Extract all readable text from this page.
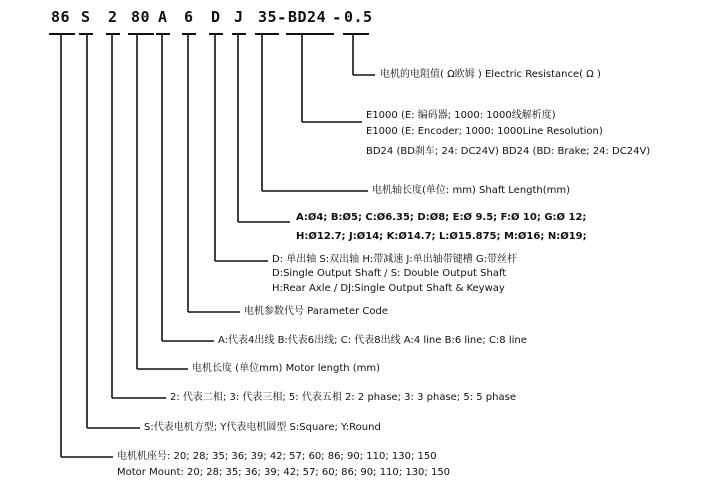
86 S 2 80 A 6 D J 35 - BD24 - 0.5
电机的电阻值( Ω欧姆 ) Electric Resistance( Ω )
E1000 (E: 编码器; 1000: 1000线解析度)
E1000 (E: Encoder; 1000: 1000Line Resolution)
BD24 (BD刹车; 24: DC24V) BD24 (BD: Brake; 24: DC24V)
电机轴长度(单位: mm) Shaft Length(mm)
A:Ø4; B:Ø5; C:Ø6.35; D:Ø8; E:Ø 9.5; F:Ø 10; G:Ø 12;
H:Ø12.7; J:Ø14; K:Ø14.7; L:Ø15.875; M:Ø16; N:Ø19;
D: 单出轴 S:双出轴 H:带减速 J:单出轴带键槽 G:带丝杆
D:Single Output Shaft / S: Double Output Shaft
H:Rear Axle / DJ:Single Output Shaft & Keyway
电机参数代号 Parameter Code
A:代表4出线 B:代表6出线; C: 代表8出线 A:4 line B:6 line; C:8 line
电机长度 (单位mm) Motor length (mm)
2: 代表二相; 3: 代表三相; 5: 代表五相 2: 2 phase; 3: 3 phase; 5: 5 phase
S:代表电机方型; Y代表电机圆型 S:Square; Y:Round
电机机座号: 20; 28; 35; 36; 39; 42; 57; 60; 86; 90; 110; 130; 150
Motor Mount: 20; 28; 35; 36; 39; 42; 57; 60; 86; 90; 110; 130; 150
